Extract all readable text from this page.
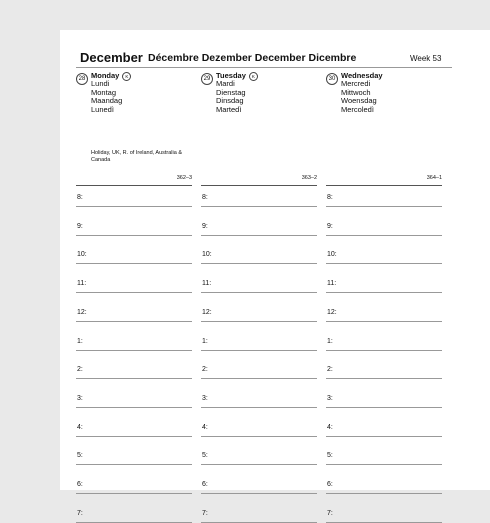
December Décembre Dezember December Dicembre	Week 53
28 Monday K
Lundi
Montag
Maandag
Lunedì
Holiday, UK, R. of Ireland, Australia & Canada
362–3
8:
9:
10:
11:
12:
1:
2:
3:
4:
5:
6:
7:
29 Tuesday K
Mardi
Dienstag
Dinsdag
Martedì
363–2
8:
9:
10:
11:
12:
1:
2:
3:
4:
5:
6:
7:
30 Wednesday
Mercredi
Mittwoch
Woensdag
Mercoledì
364–1
8:
9:
10:
11:
12:
1:
2:
3:
4:
5:
6:
7:
